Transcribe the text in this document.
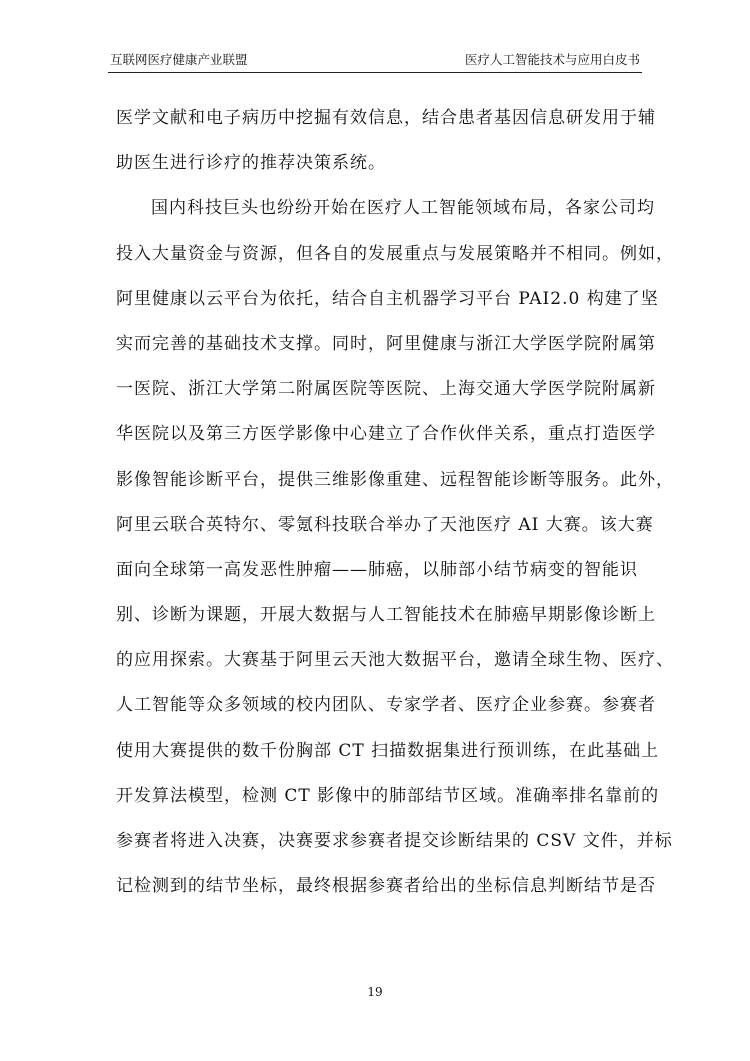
互联网医疗健康产业联盟	医疗人工智能技术与应用白皮书
医学文献和电子病历中挖掘有效信息，结合患者基因信息研发用于辅
助医生进行诊疗的推荐决策系统。
国内科技巨头也纷纷开始在医疗人工智能领域布局，各家公司均
投入大量资金与资源，但各自的发展重点与发展策略并不相同。例如，
阿里健康以云平台为依托，结合自主机器学习平台 PAI2.0 构建了坚
实而完善的基础技术支撑。同时，阿里健康与浙江大学医学院附属第
一医院、浙江大学第二附属医院等医院、上海交通大学医学院附属新
华医院以及第三方医学影像中心建立了合作伙伴关系，重点打造医学
影像智能诊断平台，提供三维影像重建、远程智能诊断等服务。此外，
阿里云联合英特尔、零氪科技联合举办了天池医疗 AI 大赛。该大赛
面向全球第一高发恶性肿瘤——肺癌，以肺部小结节病变的智能识
别、诊断为课题，开展大数据与人工智能技术在肺癌早期影像诊断上
的应用探索。大赛基于阿里云天池大数据平台，邀请全球生物、医疗、
人工智能等众多领域的校内团队、专家学者、医疗企业参赛。参赛者
使用大赛提供的数千份胸部 CT 扫描数据集进行预训练，在此基础上
开发算法模型，检测 CT 影像中的肺部结节区域。准确率排名靠前的
参赛者将进入决赛，决赛要求参赛者提交诊断结果的 CSV 文件，并标
记检测到的结节坐标，最终根据参赛者给出的坐标信息判断结节是否
19
